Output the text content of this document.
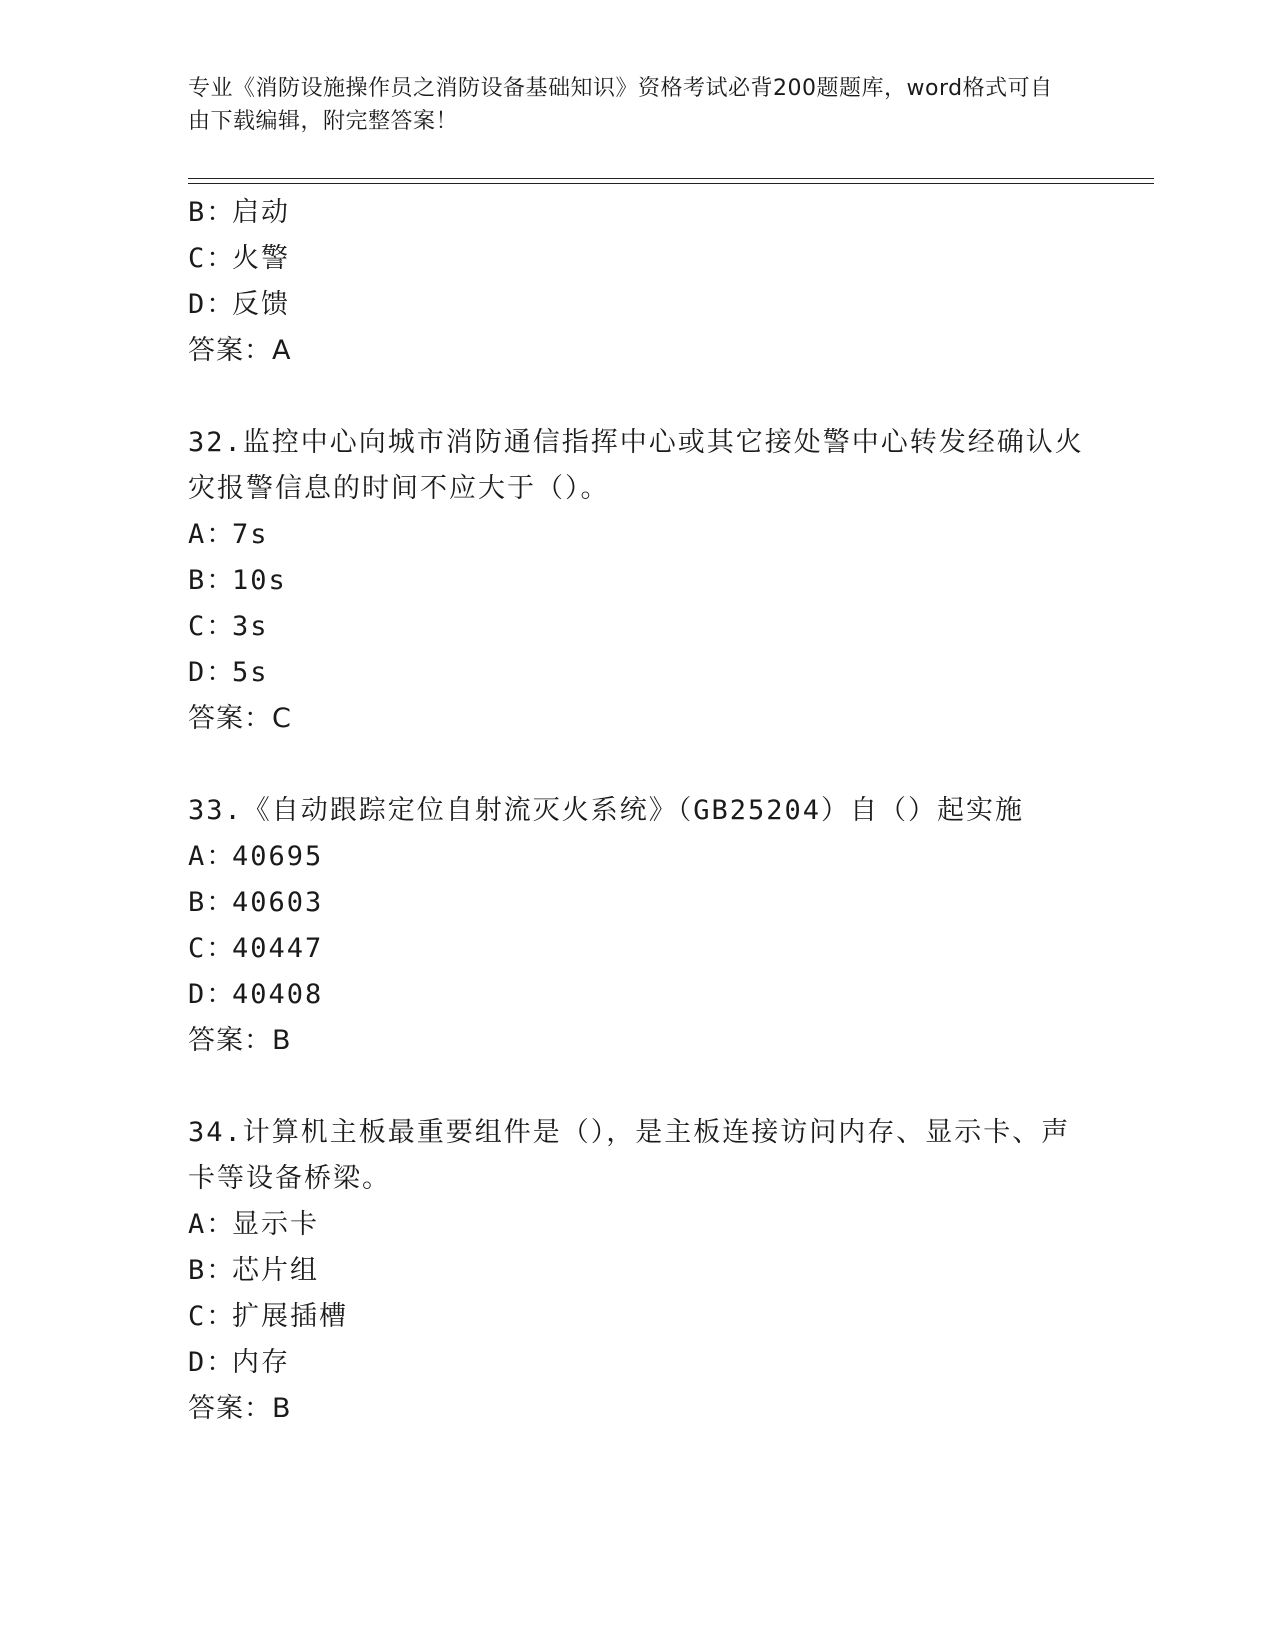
专业《消防设施操作员之消防设备基础知识》资格考试必背200题题库，word格式可自由下载编辑，附完整答案！
B：启动
C：火警
D：反馈
答案：A
32.监控中心向城市消防通信指挥中心或其它接处警中心转发经确认火
灾报警信息的时间不应大于（）。
A：7s
B：10s
C：3s
D：5s
答案：C
33.《自动跟踪定位自射流灭火系统》（GB25204）自（）起实施
A：40695
B：40603
C：40447
D：40408
答案：B
34.计算机主板最重要组件是（），是主板连接访问内存、显示卡、声
卡等设备桥梁。
A：显示卡
B：芯片组
C：扩展插槽
D：内存
答案：B
